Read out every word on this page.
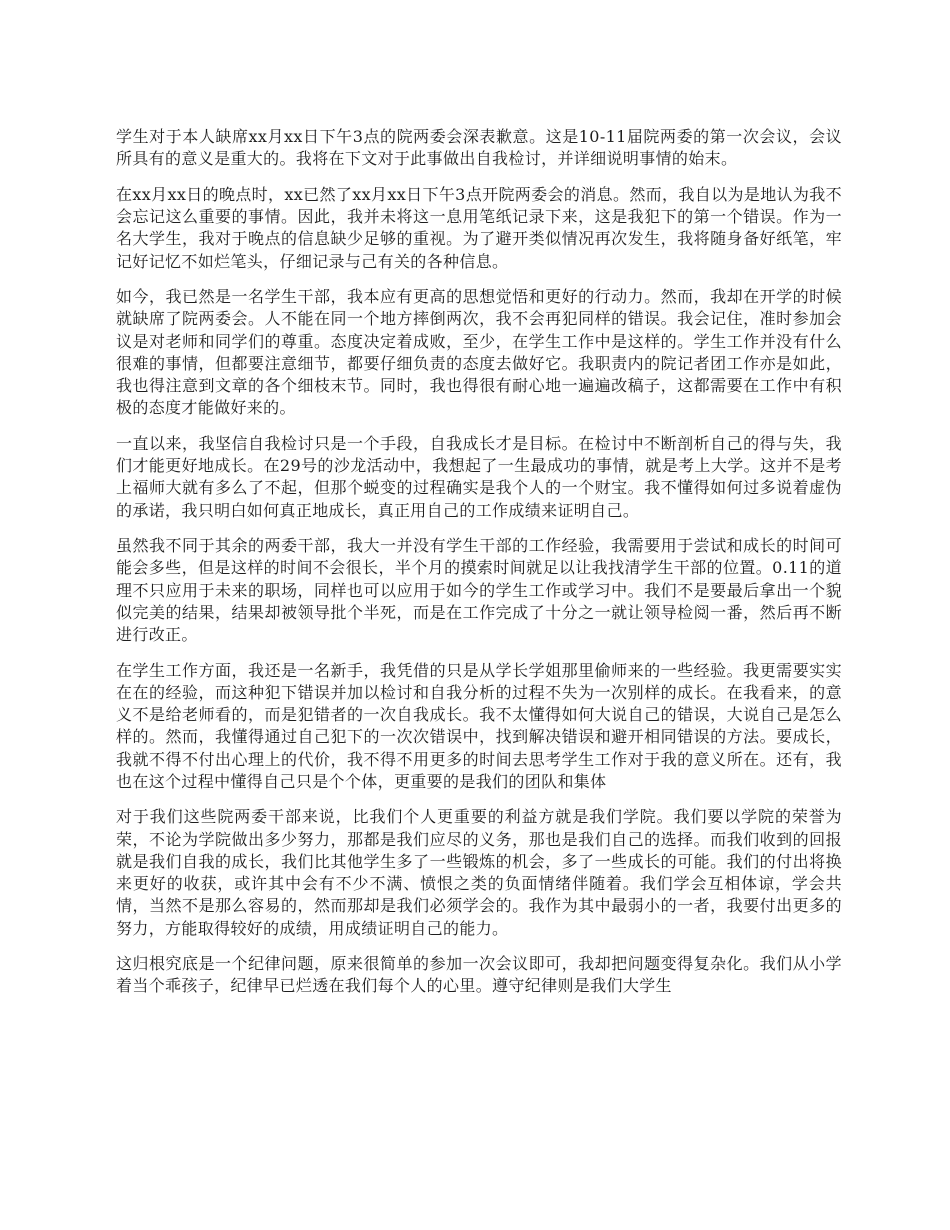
学生对于本人缺席xx月xx日下午3点的院两委会深表歉意。这是10-11届院两委的第一次会议，会议所具有的意义是重大的。我将在下文对于此事做出自我检讨，并详细说明事情的始末。

在xx月xx日的晚点时，xx已然了xx月xx日下午3点开院两委会的消息。然而，我自以为是地认为我不会忘记这么重要的事情。因此，我并未将这一息用笔纸记录下来，这是我犯下的第一个错误。作为一名大学生，我对于晚点的信息缺少足够的重视。为了避开类似情况再次发生，我将随身备好纸笔，牢记好记忆不如烂笔头，仔细记录与己有关的各种信息。

如今，我已然是一名学生干部，我本应有更高的思想觉悟和更好的行动力。然而，我却在开学的时候就缺席了院两委会。人不能在同一个地方摔倒两次，我不会再犯同样的错误。我会记住，准时参加会议是对老师和同学们的尊重。态度决定着成败，至少，在学生工作中是这样的。学生工作并没有什么很难的事情，但都要注意细节，都要仔细负责的态度去做好它。我职责内的院记者团工作亦是如此，我也得注意到文章的各个细枝末节。同时，我也得很有耐心地一遍遍改稿子，这都需要在工作中有积极的态度才能做好来的。

一直以来，我坚信自我检讨只是一个手段，自我成长才是目标。在检讨中不断剖析自己的得与失，我们才能更好地成长。在29号的沙龙活动中，我想起了一生最成功的事情，就是考上大学。这并不是考上福师大就有多么了不起，但那个蜕变的过程确实是我个人的一个财宝。我不懂得如何过多说着虚伪的承诺，我只明白如何真正地成长，真正用自己的工作成绩来证明自己。

虽然我不同于其余的两委干部，我大一并没有学生干部的工作经验，我需要用于尝试和成长的时间可能会多些，但是这样的时间不会很长，半个月的摸索时间就足以让我找清学生干部的位置。0.11的道理不只应用于未来的职场，同样也可以应用于如今的学生工作或学习中。我们不是要最后拿出一个貌似完美的结果，结果却被领导批个半死，而是在工作完成了十分之一就让领导检阅一番，然后再不断进行改正。

在学生工作方面，我还是一名新手，我凭借的只是从学长学姐那里偷师来的一些经验。我更需要实实在在的经验，而这种犯下错误并加以检讨和自我分析的过程不失为一次别样的成长。在我看来，的意义不是给老师看的，而是犯错者的一次自我成长。我不太懂得如何大说自己的错误，大说自己是怎么样的。然而，我懂得通过自己犯下的一次次错误中，找到解决错误和避开相同错误的方法。要成长，我就不得不付出心理上的代价，我不得不用更多的时间去思考学生工作对于我的意义所在。还有，我也在这个过程中懂得自己只是个个体，更重要的是我们的团队和集体

对于我们这些院两委干部来说，比我们个人更重要的利益方就是我们学院。我们要以学院的荣誉为荣，不论为学院做出多少努力，那都是我们应尽的义务，那也是我们自己的选择。而我们收到的回报就是我们自我的成长，我们比其他学生多了一些锻炼的机会，多了一些成长的可能。我们的付出将换来更好的收获，或许其中会有不少不满、愤恨之类的负面情绪伴随着。我们学会互相体谅，学会共情，当然不是那么容易的，然而那却是我们必须学会的。我作为其中最弱小的一者，我要付出更多的努力，方能取得较好的成绩，用成绩证明自己的能力。

这归根究底是一个纪律问题，原来很简单的参加一次会议即可，我却把问题变得复杂化。我们从小学着当个乖孩子，纪律早已烂透在我们每个人的心里。遵守纪律则是我们大学生
